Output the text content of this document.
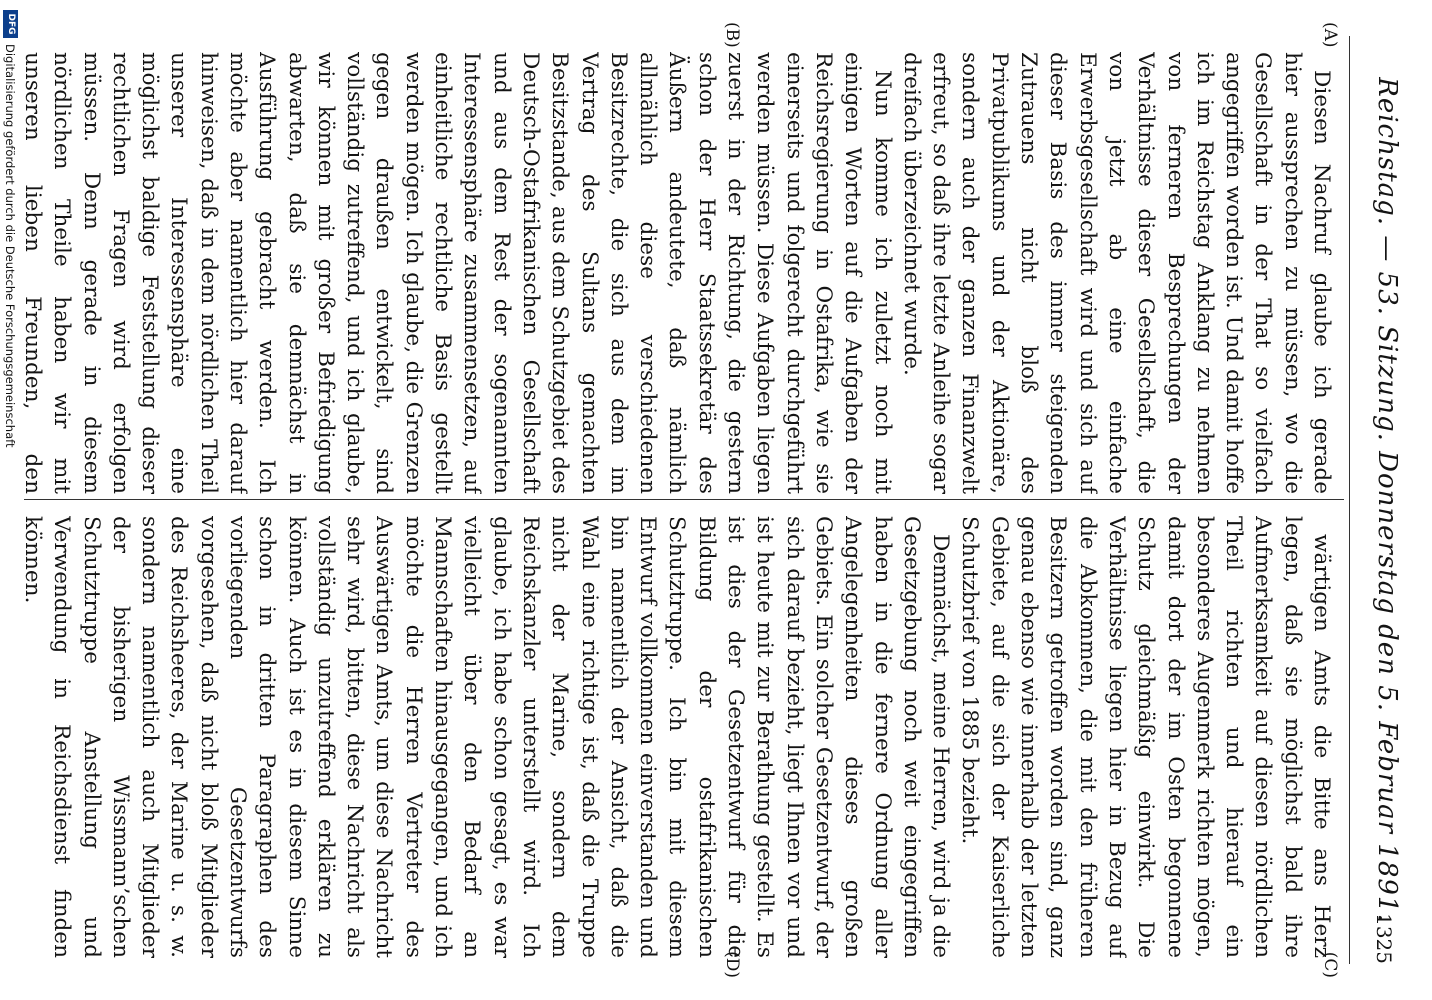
Reichstag. — 53. Sitzung. Donnerstag den 5. Februar 1891.
1325
(A)
(B)
(C)
(D)

Diesen Nachruf glaube ich gerade hier aussprechen zu müssen, wo die Gesellschaft in der That so vielfach angegriffen worden ist. Und damit hoffe ich im Reichstag Anklang zu nehmen von ferneren Besprechungen der Verhältnisse dieser Gesellschaft, die von jetzt ab eine einfache Erwerbsgesellschaft wird und sich auf dieser Basis des immer steigenden Zutrauens nicht bloß des Privatpublikums und der Aktionäre, sondern auch der ganzen Finanzwelt erfreut, so daß ihre letzte Anleihe sogar dreifach überzeichnet wurde.

Nun komme ich zuletzt noch mit einigen Worten auf die Aufgaben der Reichsregierung in Ostafrika, wie sie einerseits und folgerecht durchgeführt werden müssen. Diese Aufgaben liegen zuerst in der Richtung, die gestern schon der Herr Staatssekretär des Äußern andeutete, daß nämlich allmählich diese verschiedenen Besitzrechte, die sich aus dem im Vertrag des Sultans gemachten Besitzstande, aus dem Schutzgebiet des Deutsch-Ostafrikanischen Gesellschaft und aus dem Rest der sogenannten Interessensphäre zusammensetzen, auf einheitliche rechtliche Basis gestellt werden mögen. Ich glaube, die Grenzen gegen draußen entwickelt, sind vollständig zutreffend, und ich glaube, wir können mit großer Befriedigung abwarten, daß sie demnächst in Ausführung gebracht werden. Ich möchte aber namentlich hier darauf hinweisen, daß in dem nördlichen Theil unserer Interessensphäre eine möglichst baldige Feststellung dieser rechtlichen Fragen wird erfolgen müssen. Denn gerade in diesem nördlichen Theile haben wir mit unseren lieben Freunden, den

wärtigen Amts die Bitte ans Herz legen, daß sie möglichst bald ihre Aufmerksamkeit auf diesen nördlichen Theil richten und hierauf ein besonderes Augenmerk richten mögen, damit dort der im Osten begonnene Schutz gleichmäßig einwirkt. Die Verhältnisse liegen hier in Bezug auf die Abkommen, die mit den früheren Besitzern getroffen worden sind, ganz genau ebenso wie innerhalb der letzten Gebiete, auf die sich der Kaiserliche Schutzbrief von 1885 bezieht.

Demnächst, meine Herren, wird ja die Gesetzgebung noch weit eingegriffen haben in die fernere Ordnung aller Angelegenheiten dieses großen Gebiets. Ein solcher Gesetzentwurf, der sich darauf bezieht, liegt Ihnen vor und ist heute mit zur Berathung gestellt. Es ist dies der Gesetzentwurf für die Bildung der ostafrikanischen Schutztruppe. Ich bin mit diesem Entwurf vollkommen einverstanden und bin namentlich der Ansicht, daß die Wahl eine richtige ist, daß die Truppe nicht der Marine, sondern dem Reichskanzler unterstellt wird. Ich glaube, ich habe schon gesagt, es war vielleicht über den Bedarf an Mannschaften hinausgegangen, und ich möchte die Herren Vertreter des Auswärtigen Amts, um diese Nachricht sehr wird, bitten, diese Nachricht als vollständig unzutreffend erklären zu können. Auch ist es in diesem Sinne schon in dritten Paragraphen des vorliegenden Gesetzentwurfs vorgesehen, daß nicht bloß Mitglieder des Reichsheeres, der Marine u. s. w. sondern namentlich auch Mitglieder der bisherigen Wissmann’schen Schutztruppe Anstellung und Verwendung in Reichsdienst finden können.

DFG
Digitalisierung gefördert durch die Deutsche Forschungsgemeinschaft
